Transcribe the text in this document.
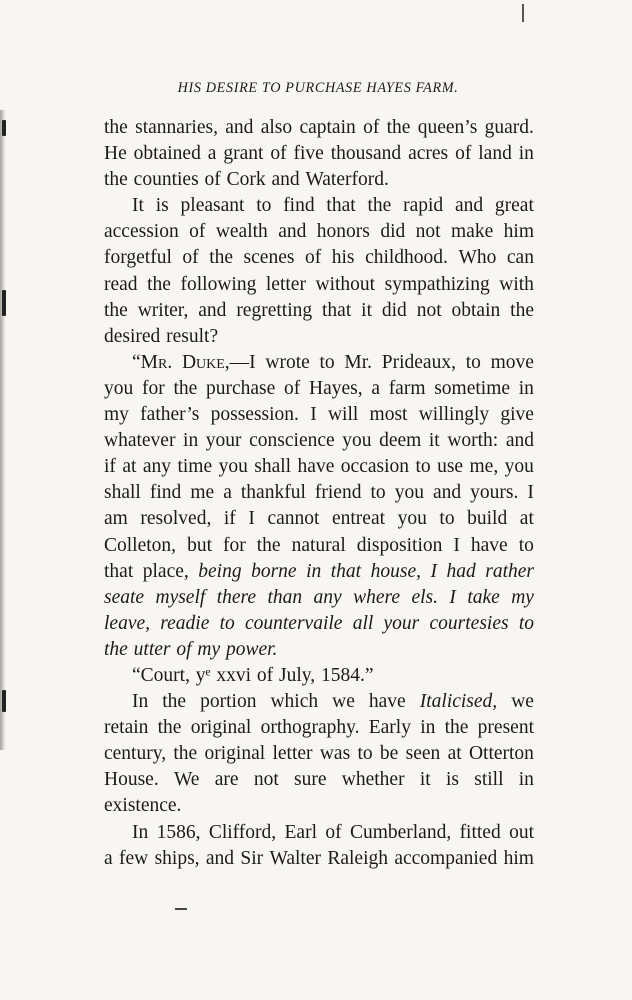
HIS DESIRE TO PURCHASE HAYES FARM.
the stannaries, and also captain of the queen’s guard.
He obtained a grant of five thousand acres of land in
the counties of Cork and Waterford.
It is pleasant to find that the rapid and great
accession of wealth and honors did not make him
forgetful of the scenes of his childhood. Who can
read the following letter without sympathizing with
the writer, and regretting that it did not obtain the
desired result?
“Mr. Duke,—I wrote to Mr. Prideaux, to move
you for the purchase of Hayes, a farm sometime in
my father’s possession. I will most willingly give
whatever in your conscience you deem it worth: and
if at any time you shall have occasion to use me, you
shall find me a thankful friend to you and yours. I
am resolved, if I cannot entreat you to build at
Colleton, but for the natural disposition I have to
that place, being borne in that house, I had rather
seate myself there than any where els. I take my
leave, readie to countervaile all your courtesies to
the utter of my power.
“Court, yᵉ xxvi of July, 1584.”
In the portion which we have Italicised, we
retain the original orthography. Early in the present
century, the original letter was to be seen at Otterton
House. We are not sure whether it is still in
existence.
In 1586, Clifford, Earl of Cumberland, fitted out
a few ships, and Sir Walter Raleigh accompanied him
